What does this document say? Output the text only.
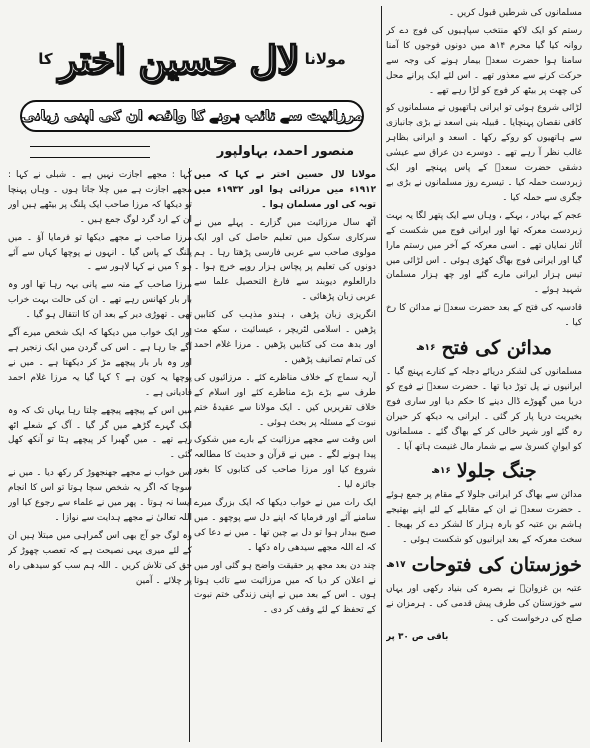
مسلمانوں کی شرطیں قبول کریں ۔

رستم کو ایک لاکھ منتخب سپاہیوں کی فوج دے کر روانہ کیا گیا محرم ۱۴ھ میں دونوں فوجوں کا آمنا سامنا ہوا حضرت سعدؓ بیمار ہونے کی وجہ سے حرکت کرنے سے معذور تھے ۔ اس لئے ایک پرانے محل کی چھت پر بیٹھ کر فوج کو لڑا رہے تھے ۔

لڑائی شروع ہوئی تو ایرانی ہاتھیوں نے مسلمانوں کو کافی نقصان پہنچایا ۔ قبیلہ بنی اسعد نے بڑی جانبازی سے ہاتھیوں کو روکے رکھا ۔ اسعد و ایرانی بظاہر غالب نظر آ رہے تھے ۔ دوسرے دن عراق سے عیسٰی دشقی حضرت سعدؓ کے پاس پہنچے اور ایک زبردست حملہ کیا ۔ تیسرے روز مسلمانوں نے بڑی بے جگری سے حملہ کیا ۔

عجم کے بہادر ، بہکے ، وہاں سے ایک پتھر لگا یہ بہت زبردست معرکہ تھا اور ایرانی فوج میں شکست کے آثار نمایاں تھے ۔ اسی معرکہ کے آخر میں رستم مارا گیا اور ایرانی فوج بھاگ کھڑی ہوئی ۔ اس لڑائی میں تیس ہزار ایرانی مارے گئے اور چھ ہزار مسلمان شہید ہوئے ۔

قادسیہ کی فتح کے بعد حضرت سعدؓ نے مدائن کا رخ کیا ۔

مدائن کی فتح
۱۶ھ

مسلمانوں کی لشکر دریائے دجلہ کے کنارے پہنچ گیا ۔ ایرانیوں نے پل توڑ دیا تھا ۔ حضرت سعدؓ نے فوج کو دریا میں گھوڑے ڈال دینے کا حکم دیا اور ساری فوج بخیریت دریا پار کر گئی ۔ ایرانی یہ دیکھ کر حیران رہ گئے اور شہر خالی کر کے بھاگ گئے ۔ مسلمانوں کو ایوانِ کسریٰ سے بے شمار مال غنیمت ہاتھ آیا ۔

جنگ جلولا
۱۶ھ

مدائن سے بھاگ کر ایرانی جلولا کے مقام پر جمع ہوئے ۔ حضرت سعدؓ نے ان کے مقابلے کے لئے اپنے بھتیجے ہاشم بن عتبہ کو بارہ ہزار کا لشکر دے کر بھیجا ۔ سخت معرکہ کے بعد ایرانیوں کو شکست ہوئی ۔

خوزستان کی فتوحات
۱۷ھ

عتبہ بن غزوانؓ نے بصرہ کی بنیاد رکھی اور یہاں سے خوزستان کی طرف پیش قدمی کی ۔ ہرمزان نے صلح کی درخواست کی ۔

باقی ص ۳۰ پر

مولانا
لال حسین اختر
کا
مرزائیت سے تائب ہونے کا واقعہ ان کی اپنی زبانی
منصور احمد، بہاولپور

مولانا لال حسین اختر نے کہا کہ میں ۱۹۱۲ء میں مرزائی ہوا اور ۱۹۳۲ء میں توبہ کی اور مسلمان ہوا ۔

آٹھ سال مرزائیت میں گزارے ۔ پہلے میں نے سرکاری سکول میں تعلیم حاصل کی اور ایک مولوی صاحب سے عربی فارسی پڑھتا رہا ۔ ہم دونوں کی تعلیم پر پچاس ہزار روپے خرچ ہوا ۔ دارالعلوم دیوبند سے فارغ التحصیل علما سے عربی زبان پڑھائی ۔

انگریزی زبان پڑھی ، ہندو مذہب کی کتابیں پڑھیں ۔ اسلامی لٹریچر ، عیسائیت ، سکھ مت اور بدھ مت کی کتابیں پڑھیں ۔ مرزا غلام احمد کی تمام تصانیف پڑھیں ۔

آریہ سماج کے خلاف مناظرے کئے ۔ مرزائیوں کی طرف سے بڑے بڑے مناظرے کئے اور اسلام کے خلاف تقریریں کیں ۔ ایک مولانا سے عقیدۂ ختم نبوت کے مسئلہ پر بحث ہوئی ۔

اس وقت سے مجھے مرزائیت کے بارے میں شکوک پیدا ہونے لگے ۔ میں نے قرآن و حدیث کا مطالعہ شروع کیا اور مرزا صاحب کی کتابوں کا بغور جائزہ لیا ۔

ایک رات میں نے خواب دیکھا کہ ایک بزرگ میرے سامنے آئے اور فرمایا کہ اپنے دل سے پوچھو ۔ میں صبح بیدار ہوا تو دل بے چین تھا ۔ میں نے دعا کی کہ اے اللہ مجھے سیدھی راہ دکھا ۔

چند دن بعد مجھ پر حقیقت واضح ہو گئی اور میں نے اعلان کر دیا کہ میں مرزائیت سے تائب ہوتا ہوں ۔ اس کے بعد میں نے اپنی زندگی ختم نبوت کے تحفظ کے لئے وقف کر دی ۔

کہا : مجھے اجازت نہیں ہے ۔ شبلی نے کہا : مجھے اجازت ہے میں چلا جاتا ہوں ۔ وہاں پہنچا تو دیکھا کہ مرزا صاحب ایک پلنگ پر بیٹھے ہیں اور ان کے ارد گرد لوگ جمع ہیں ۔

مرزا صاحب نے مجھے دیکھا تو فرمایا آؤ ۔ میں پلنگ کے پاس گیا ۔ انہوں نے پوچھا کہاں سے آئے ہو ؟ میں نے کہا لاہور سے ۔

مرزا صاحب کے منہ سے پانی بہہ رہا تھا اور وہ بار بار کھانس رہے تھے ۔ ان کی حالت بہت خراب تھی ۔ تھوڑی دیر کے بعد ان کا انتقال ہو گیا ۔

اور ایک خواب میں دیکھا کہ ایک شخص میرے آگے آگے جا رہا ہے ۔ اس کی گردن میں ایک زنجیر ہے اور وہ بار بار پیچھے مڑ کر دیکھتا ہے ۔ میں نے پوچھا یہ کون ہے ؟ کہا گیا یہ مرزا غلام احمد قادیانی ہے ۔

میں اس کے پیچھے پیچھے چلتا رہا یہاں تک کہ وہ ایک گہرے گڑھے میں گر گیا ۔ آگ کے شعلے اٹھ رہے تھے ۔ میں گھبرا کر پیچھے ہٹا تو آنکھ کھل گئی ۔

اس خواب نے مجھے جھنجھوڑ کر رکھ دیا ۔ میں نے سوچا کہ اگر یہ شخص سچا ہوتا تو اس کا انجام ایسا نہ ہوتا ۔ پھر میں نے علماء سے رجوع کیا اور اللہ تعالیٰ نے مجھے ہدایت سے نوازا ۔

وہ لوگ جو آج بھی اس گمراہی میں مبتلا ہیں ان کے لئے میری یہی نصیحت ہے کہ تعصب چھوڑ کر حق کی تلاش کریں ۔ اللہ ہم سب کو سیدھی راہ پر چلائے ۔ آمین
